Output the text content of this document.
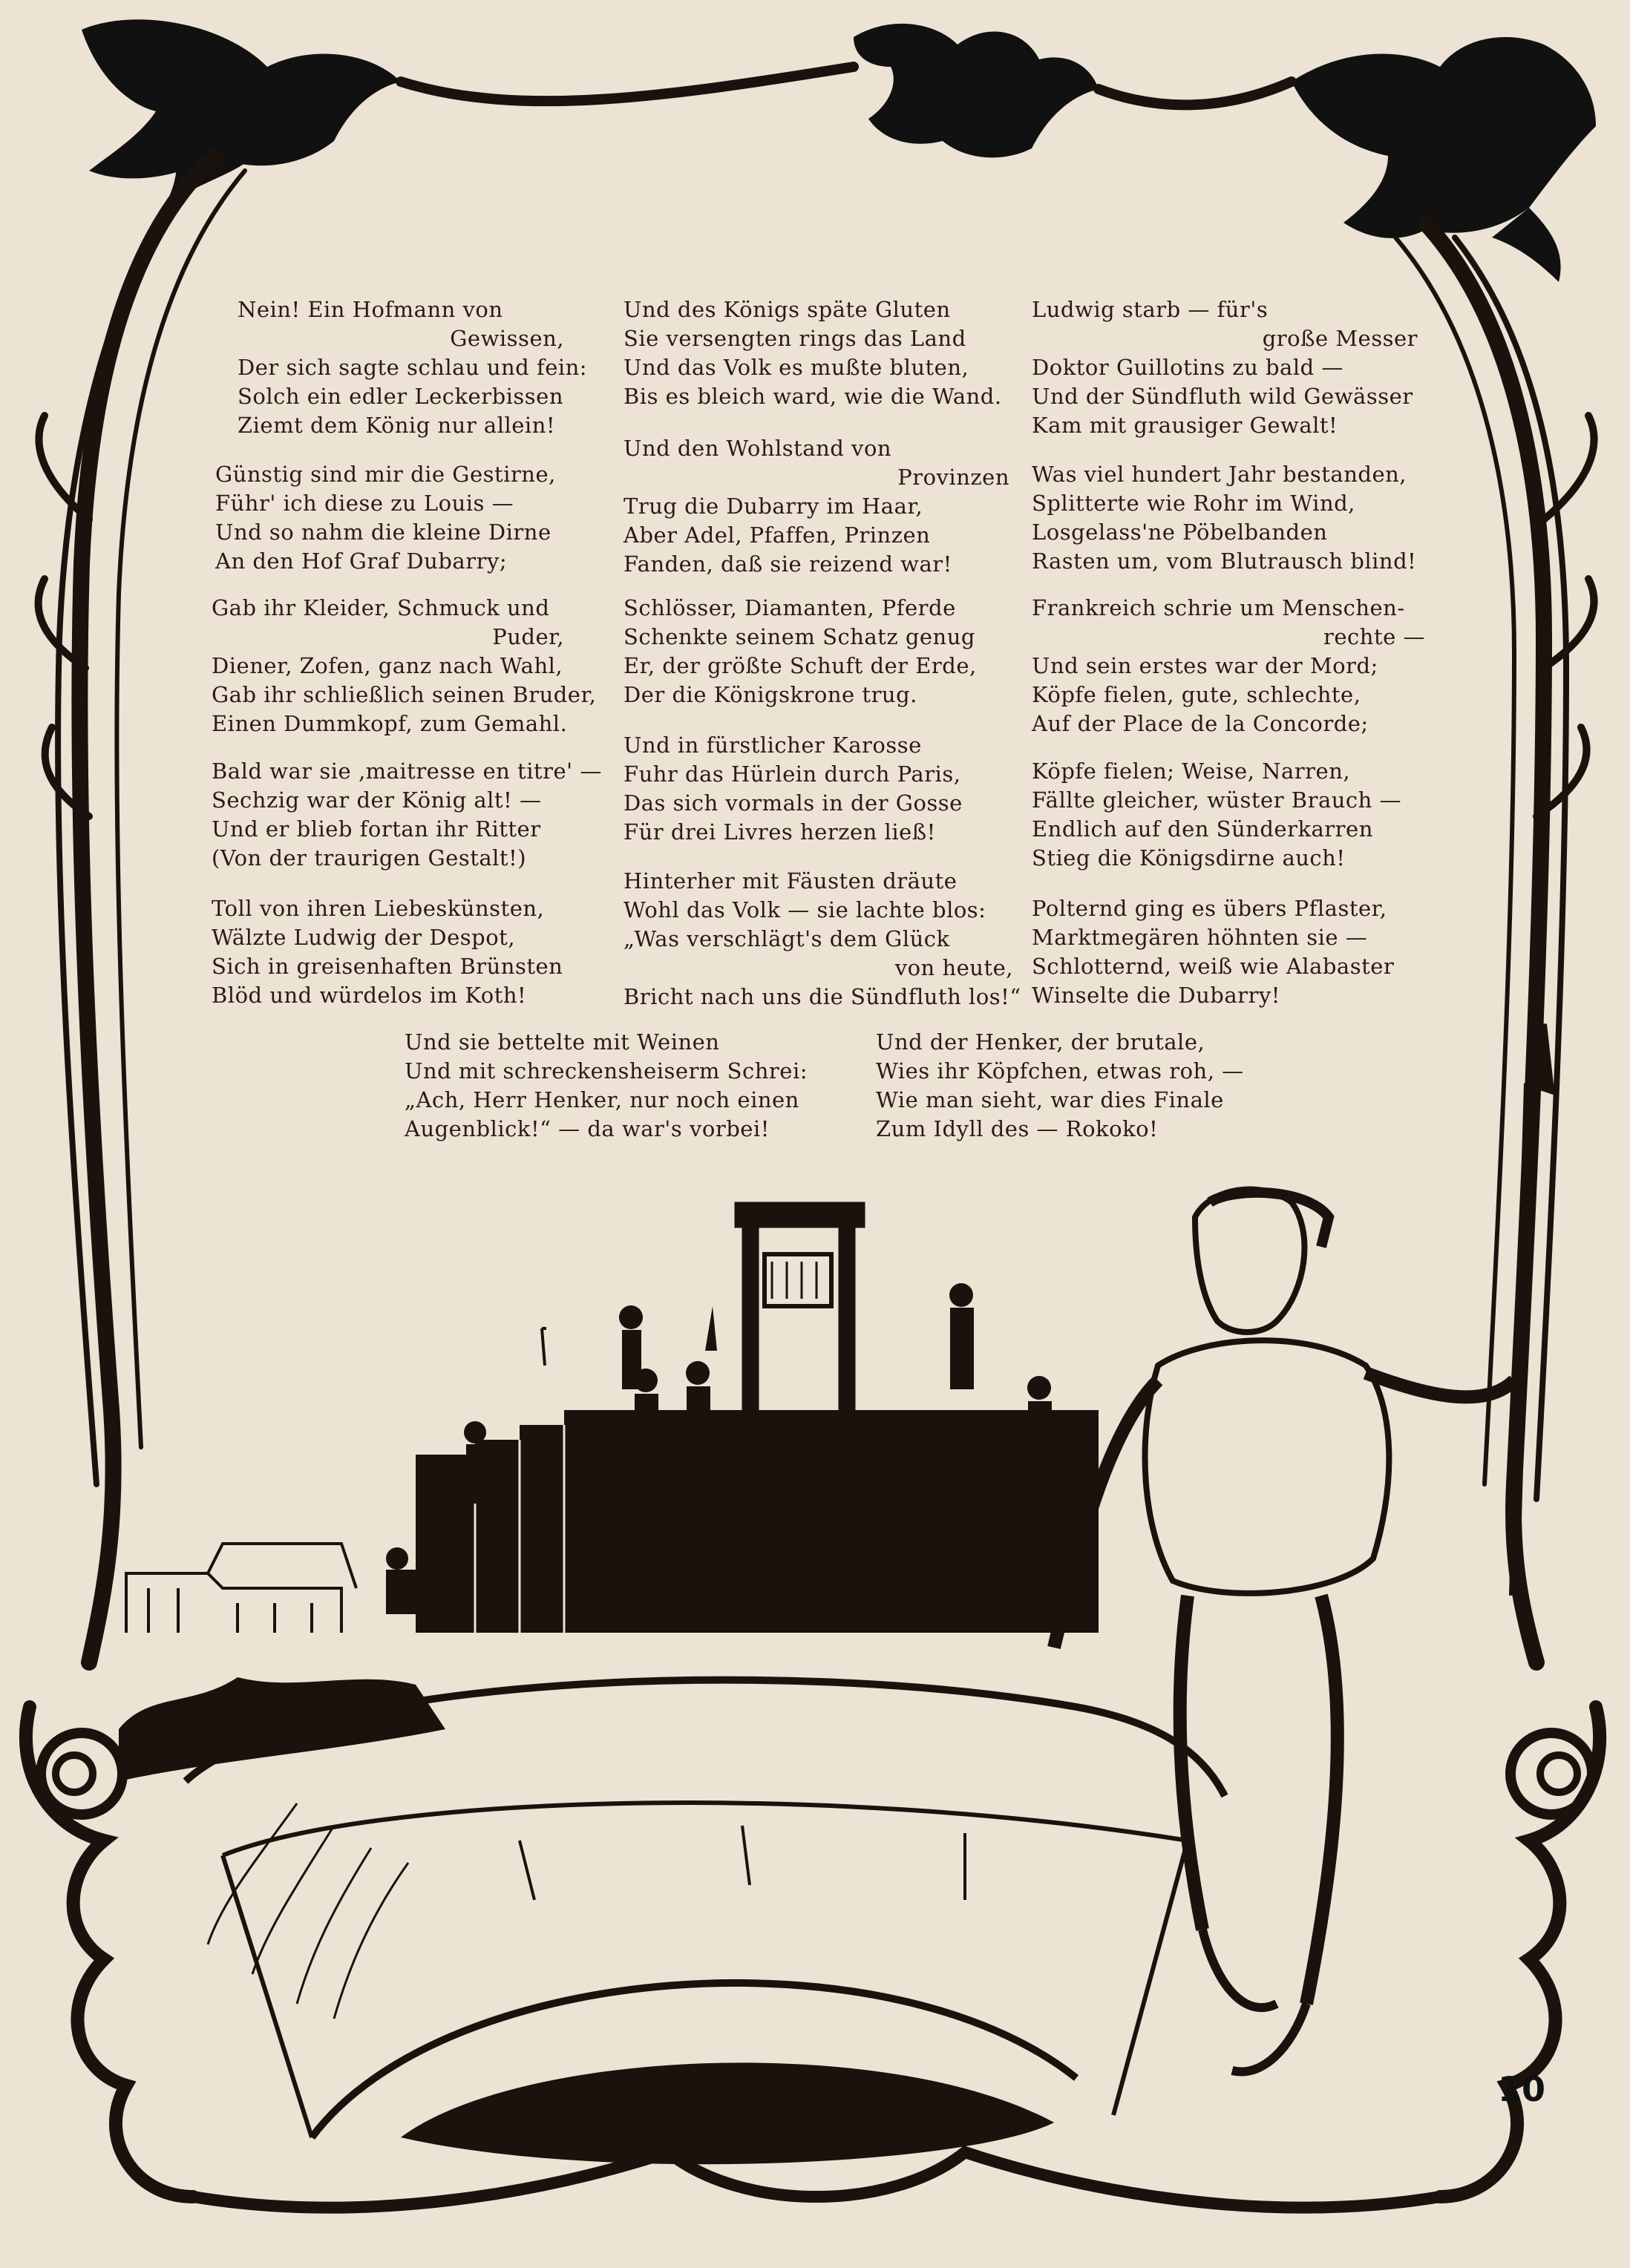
Nein! Ein Hofmann von
Gewissen,
Der sich sagte schlau und fein:
Solch ein edler Leckerbissen
Ziemt dem König nur allein!
Günstig sind mir die Gestirne,
Führ' ich diese zu Louis —
Und so nahm die kleine Dirne
An den Hof Graf Dubarry;
Gab ihr Kleider, Schmuck und
Puder,
Diener, Zofen, ganz nach Wahl,
Gab ihr schließlich seinen Bruder,
Einen Dummkopf, zum Gemahl.
Bald war sie ‚maitresse en titre' —
Sechzig war der König alt! —
Und er blieb fortan ihr Ritter
(Von der traurigen Gestalt!)
Toll von ihren Liebeskünsten,
Wälzte Ludwig der Despot,
Sich in greisenhaften Brünsten
Blöd und würdelos im Koth!
Und des Königs späte Gluten
Sie versengten rings das Land
Und das Volk es mußte bluten,
Bis es bleich ward, wie die Wand.
Und den Wohlstand von
Provinzen
Trug die Dubarry im Haar,
Aber Adel, Pfaffen, Prinzen
Fanden, daß sie reizend war!
Schlösser, Diamanten, Pferde
Schenkte seinem Schatz genug
Er, der größte Schuft der Erde,
Der die Königskrone trug.
Und in fürstlicher Karosse
Fuhr das Hürlein durch Paris,
Das sich vormals in der Gosse
Für drei Livres herzen ließ!
Hinterher mit Fäusten dräute
Wohl das Volk — sie lachte blos:
„Was verschlägt's dem Glück
von heute,
Bricht nach uns die Sündfluth los!“
Ludwig starb — für's
große Messer
Doktor Guillotins zu bald —
Und der Sündfluth wild Gewässer
Kam mit grausiger Gewalt!
Was viel hundert Jahr bestanden,
Splitterte wie Rohr im Wind,
Losgelass'ne Pöbelbanden
Rasten um, vom Blutrausch blind!
Frankreich schrie um Menschen-
rechte —
Und sein erstes war der Mord;
Köpfe fielen, gute, schlechte,
Auf der Place de la Concorde;
Köpfe fielen; Weise, Narren,
Fällte gleicher, wüster Brauch —
Endlich auf den Sünderkarren
Stieg die Königsdirne auch!
Polternd ging es übers Pflaster,
Marktmegären höhnten sie —
Schlotternd, weiß wie Alabaster
Winselte die Dubarry!
Und sie bettelte mit Weinen
Und mit schreckensheiserm Schrei:
„Ach, Herr Henker, nur noch einen
Augenblick!“ — da war's vorbei!
Und der Henker, der brutale,
Wies ihr Köpfchen, etwas roh, —
Wie man sieht, war dies Finale
Zum Idyll des — Rokoko!
10
